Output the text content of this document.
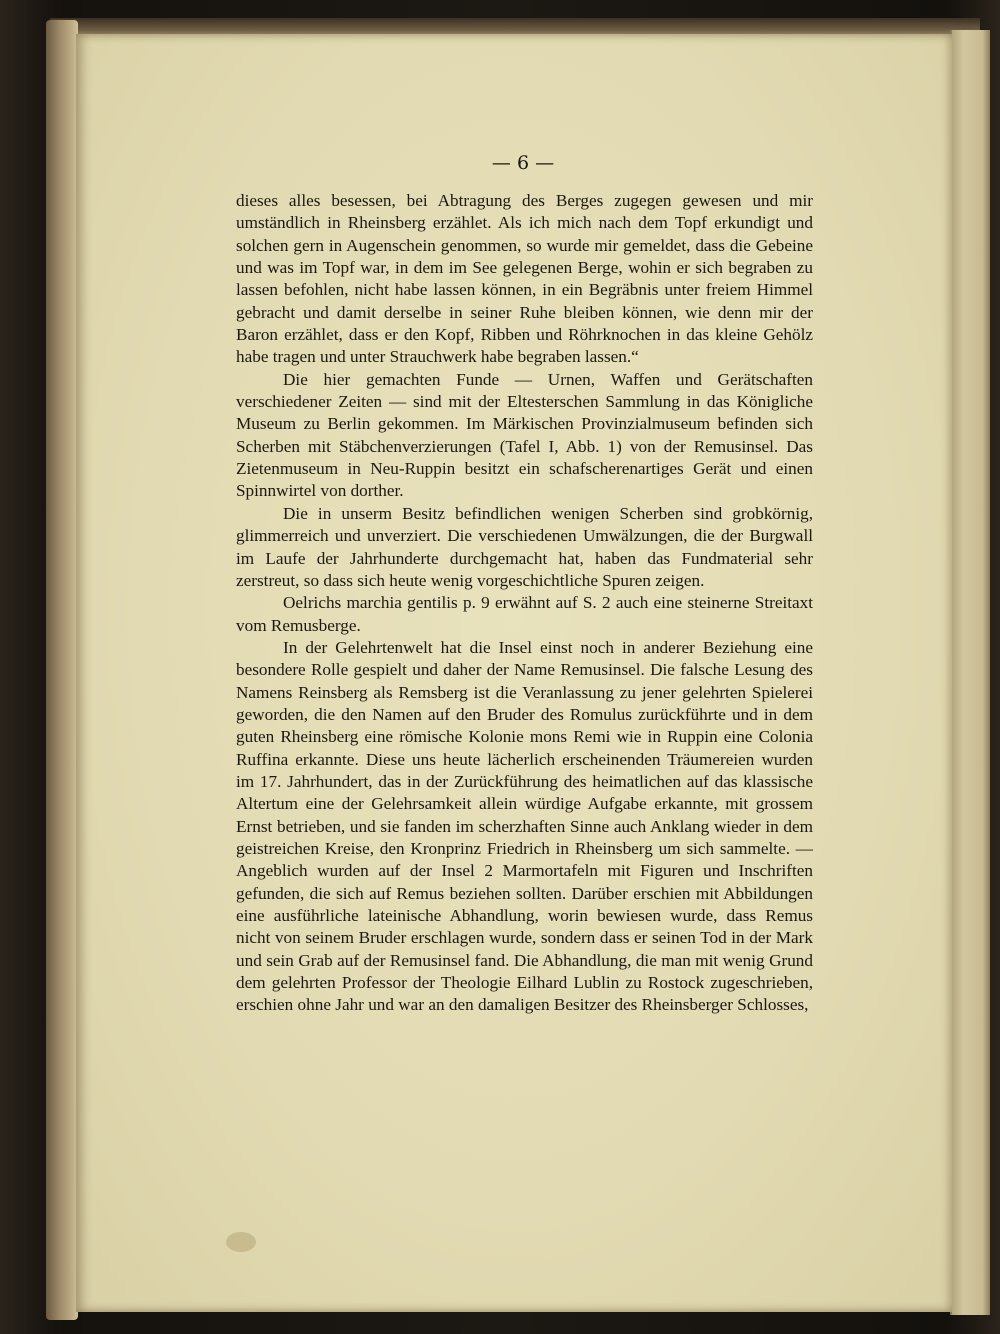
— 6 —

dieses alles besessen, bei Abtragung des Berges zugegen gewesen und mir umständlich in Rheinsberg erzählet. Als ich mich nach dem Topf erkundigt und solchen gern in Augenschein genommen, so wurde mir gemeldet, dass die Gebeine und was im Topf war, in dem im See gelegenen Berge, wohin er sich begraben zu lassen befohlen, nicht habe lassen können, in ein Begräbnis unter freiem Himmel gebracht und damit derselbe in seiner Ruhe bleiben können, wie denn mir der Baron erzählet, dass er den Kopf, Ribben und Röhrknochen in das kleine Gehölz habe tragen und unter Strauchwerk habe begraben lassen.“

Die hier gemachten Funde — Urnen, Waffen und Gerätschaften verschiedener Zeiten — sind mit der Eltesterschen Sammlung in das Königliche Museum zu Berlin gekommen. Im Märkischen Provinzialmuseum befinden sich Scherben mit Stäbchenverzierungen (Tafel I, Abb. 1) von der Remusinsel. Das Zietenmuseum in Neu-Ruppin besitzt ein schafscherenartiges Gerät und einen Spinnwirtel von dorther.

Die in unserm Besitz befindlichen wenigen Scherben sind grobkörnig, glimmerreich und unverziert. Die verschiedenen Umwälzungen, die der Burgwall im Laufe der Jahrhunderte durchgemacht hat, haben das Fundmaterial sehr zerstreut, so dass sich heute wenig vorgeschichtliche Spuren zeigen.

Oelrichs marchia gentilis p. 9 erwähnt auf S. 2 auch eine steinerne Streitaxt vom Remusberge.

In der Gelehrtenwelt hat die Insel einst noch in anderer Beziehung eine besondere Rolle gespielt und daher der Name Remusinsel. Die falsche Lesung des Namens Reinsberg als Remsberg ist die Veranlassung zu jener gelehrten Spielerei geworden, die den Namen auf den Bruder des Romulus zurückführte und in dem guten Rheinsberg eine römische Kolonie mons Remi wie in Ruppin eine Colonia Ruffina erkannte. Diese uns heute lächerlich erscheinenden Träumereien wurden im 17. Jahrhundert, das in der Zurückführung des heimatlichen auf das klassische Altertum eine der Gelehrsamkeit allein würdige Aufgabe erkannte, mit grossem Ernst betrieben, und sie fanden im scherzhaften Sinne auch Anklang wieder in dem geistreichen Kreise, den Kronprinz Friedrich in Rheinsberg um sich sammelte. — Angeblich wurden auf der Insel 2 Marmortafeln mit Figuren und Inschriften gefunden, die sich auf Remus beziehen sollten. Darüber erschien mit Abbildungen eine ausführliche lateinische Abhandlung, worin bewiesen wurde, dass Remus nicht von seinem Bruder erschlagen wurde, sondern dass er seinen Tod in der Mark und sein Grab auf der Remusinsel fand. Die Abhandlung, die man mit wenig Grund dem gelehrten Professor der Theologie Eilhard Lublin zu Rostock zugeschrieben, erschien ohne Jahr und war an den damaligen Besitzer des Rheinsberger Schlosses,
